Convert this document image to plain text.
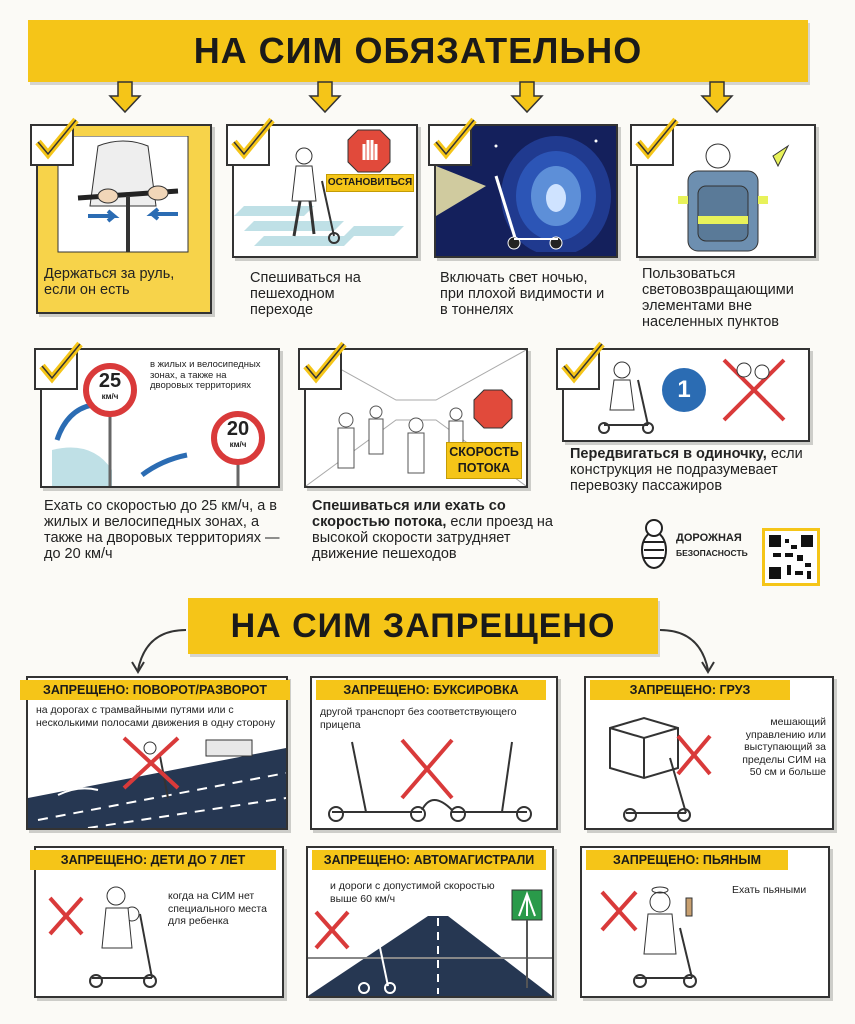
НА СИМ ОБЯЗАТЕЛЬНО
Держаться за руль, если он есть
ОСТАНОВИТЬСЯ
Спешиваться на пешеходном переходе
Включать свет ночью, при плохой видимости и в тоннелях
Пользоваться световозвращающими элементами вне населенных пунктов
25
км/ч
20
км/ч
в жилых и велосипедных зонах, а также на дворовых территориях
Ехать со скоростью до 25 км/ч, а в жилых и велосипедных зонах, а также на дворовых территориях — до 20 км/ч
СКОРОСТЬ ПОТОКА
Спешиваться или ехать со скоростью потока, если проезд на высокой скорости затрудняет движение пешеходов
1
Передвигаться в одиночку, если конструкция не подразумевает перевозку пассажиров
ДОРОЖНАЯ
БЕЗОПАСНОСТЬ
НА СИМ ЗАПРЕЩЕНО
на дорогах с трамвайными путями или с несколькими полосами движения в одну сторону
ЗАПРЕЩЕНО: ПОВОРОТ/РАЗВОРОТ
другой транспорт без соответствующего прицепа
ЗАПРЕЩЕНО: БУКСИРОВКА
мешающий управлению или выступающий за пределы СИМ на 50 см и больше
ЗАПРЕЩЕНО: ГРУЗ
когда на СИМ нет специального места для ребенка
ЗАПРЕЩЕНО: ДЕТИ ДО 7 ЛЕТ
и дороги с допустимой скоростью выше 60 км/ч
ЗАПРЕЩЕНО: АВТОМАГИСТРАЛИ
Ехать пьяными
ЗАПРЕЩЕНО: ПЬЯНЫМ
